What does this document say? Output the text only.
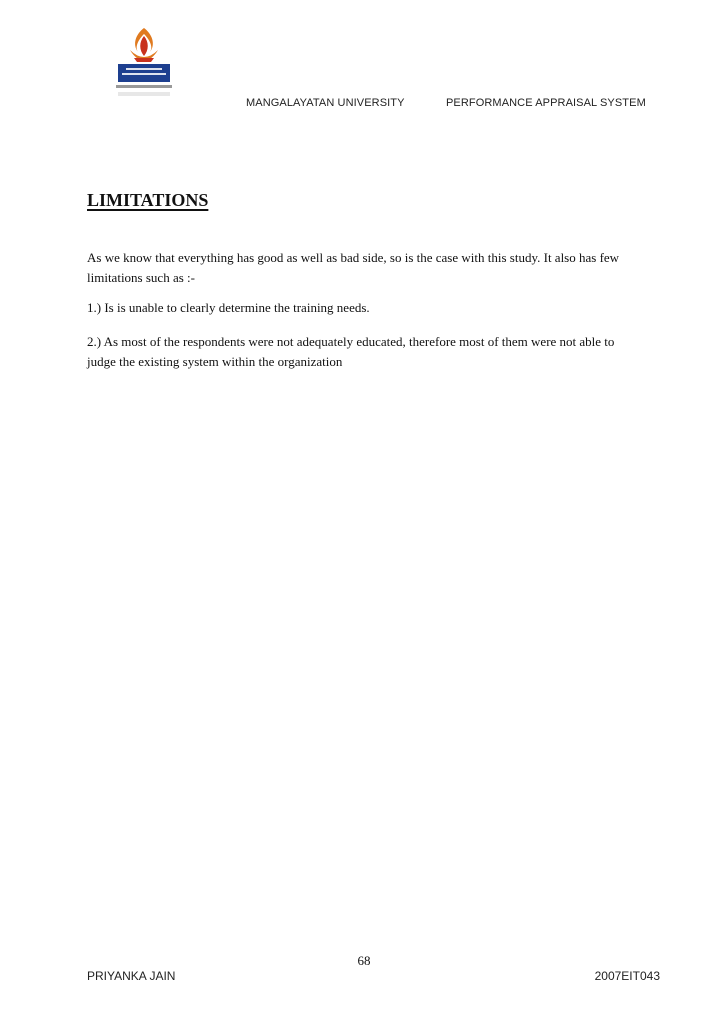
MANGALAYATAN UNIVERSITY	PERFORMANCE APPRAISAL SYSTEM
LIMITATIONS

As we know that everything has good as well as bad side, so is the case with this study. It also has few limitations such as :-

1.) Is is unable to clearly determine the training needs.

2.) As most of the respondents were not adequately educated, therefore most of them were not able to judge the existing system within the organization

68
PRIYANKA JAIN	2007EIT043
